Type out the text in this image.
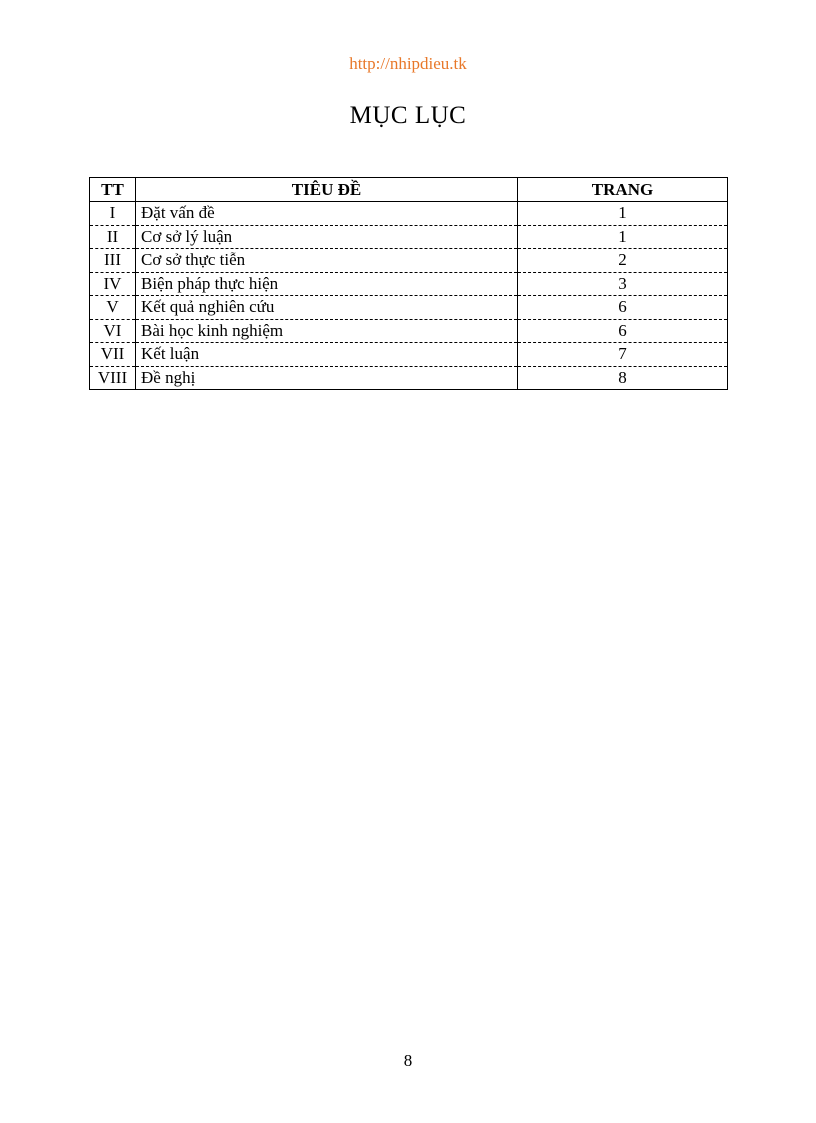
http://nhipdieu.tk
MỤC LỤC
TT	TIÊU ĐỀ	TRANG
I	Đặt vấn đề	1
II	Cơ sở lý luận	1
III	Cơ sở thực tiễn	2
IV	Biện pháp thực hiện	3
V	Kết quả nghiên cứu	6
VI	Bài học kinh nghiệm	6
VII	Kết luận	7
VIII	Đề nghị	8
8
